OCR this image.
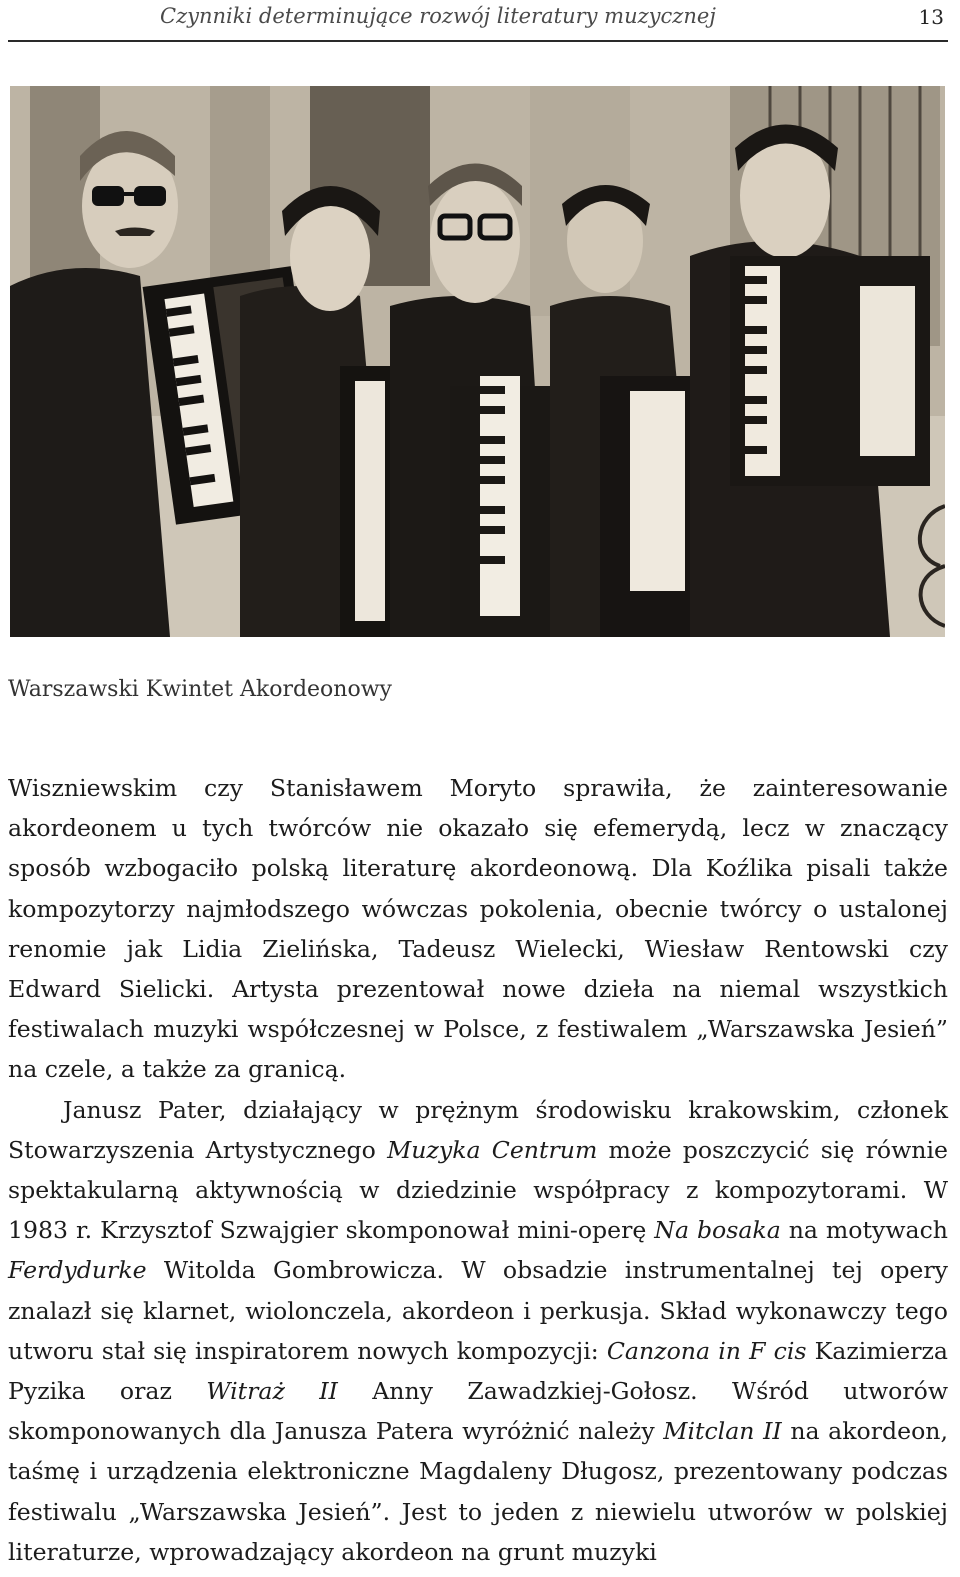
Czynniki determinujące rozwój literatury muzycznej	13
Warszawski Kwintet Akordeonowy

Wiszniewskim czy Stanisławem Moryto sprawiła, że zainteresowanie akordeonem u tych twórców nie okazało się efemerydą, lecz w znaczący sposób wzbogaciło polską literaturę akordeonową. Dla Koźlika pisali także kompozytorzy najmłodszego wówczas pokolenia, obecnie twórcy o ustalonej renomie jak Lidia Zielińska, Tadeusz Wielecki, Wiesław Rentowski czy Edward Sielicki. Artysta prezentował nowe dzieła na niemal wszystkich festiwalach muzyki współczesnej w Polsce, z festiwalem „Warszawska Jesień” na czele, a także za granicą.

Janusz Pater, działający w prężnym środowisku krakowskim, członek Stowarzyszenia Artystycznego Muzyka Centrum może poszczycić się równie spektakularną aktywnością w dziedzinie współpracy z kompozytorami. W 1983 r. Krzysztof Szwajgier skomponował mini-operę Na bosaka na motywach Ferdydurke Witolda Gombrowicza. W obsadzie instrumentalnej tej opery znalazł się klarnet, wiolonczela, akordeon i perkusja. Skład wykonawczy tego utworu stał się inspiratorem nowych kompozycji: Canzona in F cis Kazimierza Pyzika oraz Witraż II Anny Zawadzkiej-Gołosz. Wśród utworów skomponowanych dla Janusza Patera wyróżnić należy Mitclan II na akordeon, taśmę i urządzenia elektroniczne Magdaleny Długosz, prezentowany podczas festiwalu „Warszawska Jesień”. Jest to jeden z niewielu utworów w polskiej literaturze, wprowadzający akordeon na grunt muzyki
